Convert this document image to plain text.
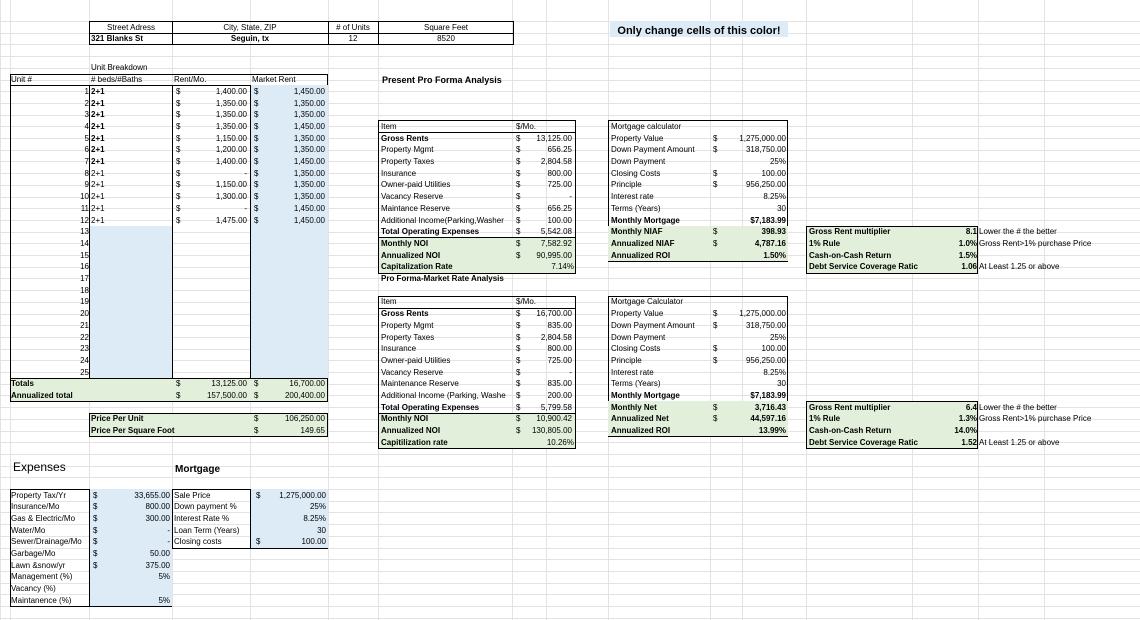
Street Adress	City, State, ZIP	# of Units	Square Feet
321 Blanks St	Seguin, tx	12	8520
Only change cells of this color!
Unit Breakdown
Unit #	# beds/#Baths	Rent/Mo.	Market Rent
1 2+1	$	1,400.00 $	1,450.00
2 2+1	$	1,350.00 $	1,350.00
3 2+1	$	1,350.00 $	1,350.00
4 2+1	$	1,350.00 $	1,450.00
5 2+1	$	1,150.00 $	1,350.00
6 2+1	$	1,200.00 $	1,350.00
7 2+1	$	1,400.00 $	1,450.00
8 2+1	$	- $	1,350.00
9 2+1	$	1,150.00 $	1,350.00
10 2+1	$	1,300.00 $	1,350.00
11 2+1	$	- $	1,450.00
12 2+1	$	1,475.00 $	1,450.00
13
14
15
16
17
18
19
20
21
22
23
24
25
Totals	$	13,125.00 $	16,700.00
Annualized total	$	157,500.00 $	200,400.00
Price Per Unit	$	106,250.00
Price Per Square Foot	$	149.65
Present Pro Forma Analysis
Item	$/Mo.
Gross Rents	$ 13,125.00
Property Mgmt	$	656.25
Property Taxes	$	2,804.58
Insurance	$	800.00
Owner-paid Utilities	$	725.00
Vacancy Reserve	$	-
Maintance Reserve	$	656.25
Additional Income(Parking,Washer $	100.00
Total Operating Expenses	$	5,542.08
Monthly NOI	$	7,582.92
Annualized NOI	$ 90,995.00
Capitalization Rate	7.14%
Pro Forma-Market Rate Analysis
Item	$/Mo.
Gross Rents	$ 16,700.00
Property Mgmt	$	835.00
Property Taxes	$	2,804.58
Insurance	$	800.00
Owner-paid Utilities	$	725.00
Vacancy Reserve	$	-
Maintenance Reserve	$	835.00
Additional Income (Parking, Washe $	200.00
Total Operating Expenses	$	5,799.58
Monthly NOI	$ 10,900.42
Annualized NOI	$ 130,805.00
Capitilization rate	10.26%
Mortgage calculator
Property Value	$	1,275,000.00
Down Payment Amount $	318,750.00
Down Payment	25%
Closing Costs	$	100.00
Principle	$	956,250.00
Interest rate	8.25%
Terms (Years)	30
Monthly Mortgage	$7,183.99
Monthly NIAF	$	398.93
Annualized NIAF	$	4,787.16
Annualized ROI	1.50%
Mortgage Calculator
Property Value	$	1,275,000.00
Down Payment Amount $	318,750.00
Down Payment	25%
Closing Costs	$	100.00
Principle	$	956,250.00
Interest rate	8.25%
Terms (Years)	30
Monthly Mortgage	$7,183.99
Monthly Net	$	3,716.43
Annualized Net	$	44,597.16
Annualized ROI	13.99%
Gross Rent multiplier	8.1 Lower the # the better
1% Rule	1.0% Gross Rent>1% purchase Price
Cash-on-Cash Return	1.5%
Debt Service Coverage Ratic	1.06 At Least 1.25 or above
Gross Rent multiplier	6.4 Lower the # the better
1% Rule	1.3% Gross Rent>1% purchase Price
Cash-on-Cash Return	14.0%
Debt Service Coverage Ratic	1.52 At Least 1.25 or above
Expenses
Property Tax/Yr	$	33,655.00
Insurance/Mo	$	800.00
Gas & Electric/Mo $	300.00
Water/Mo	$	-
Sewer/Drainage/Mo $	-
Garbage/Mo	$	50.00
Lawn &snow/yr	$	375.00
Management (%)	5%
Vacancy (%)
Maintanence (%)	5%
Mortgage
Sale Price	$ 1,275,000.00
Down payment %	25%
Interest Rate %	8.25%
Loan Term (Years)	30
Closing costs	$	100.00
